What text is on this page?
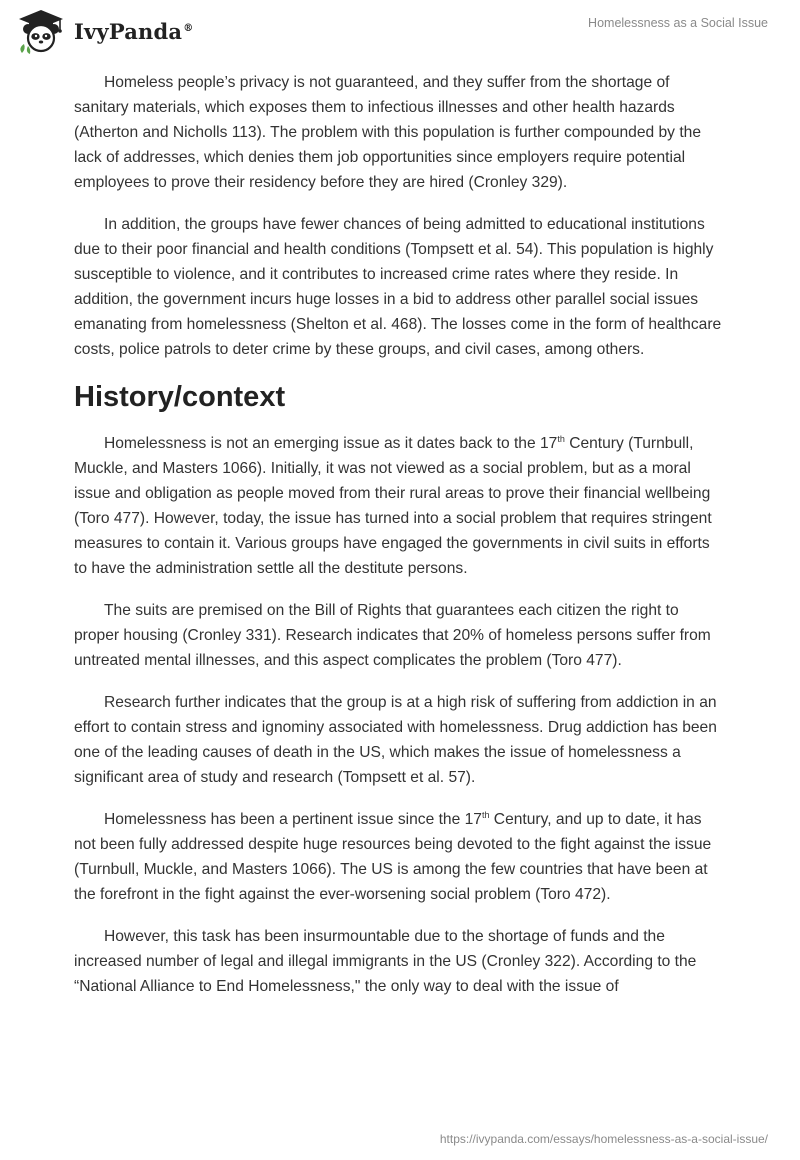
IvyPanda®	Homelessness as a Social Issue

Homeless people’s privacy is not guaranteed, and they suffer from the shortage of sanitary materials, which exposes them to infectious illnesses and other health hazards (Atherton and Nicholls 113). The problem with this population is further compounded by the lack of addresses, which denies them job opportunities since employers require potential employees to prove their residency before they are hired (Cronley 329).

In addition, the groups have fewer chances of being admitted to educational institutions due to their poor financial and health conditions (Tompsett et al. 54). This population is highly susceptible to violence, and it contributes to increased crime rates where they reside. In addition, the government incurs huge losses in a bid to address other parallel social issues emanating from homelessness (Shelton et al. 468). The losses come in the form of healthcare costs, police patrols to deter crime by these groups, and civil cases, among others.

History/context

Homelessness is not an emerging issue as it dates back to the 17th Century (Turnbull, Muckle, and Masters 1066). Initially, it was not viewed as a social problem, but as a moral issue and obligation as people moved from their rural areas to prove their financial wellbeing (Toro 477). However, today, the issue has turned into a social problem that requires stringent measures to contain it. Various groups have engaged the governments in civil suits in efforts to have the administration settle all the destitute persons.

The suits are premised on the Bill of Rights that guarantees each citizen the right to proper housing (Cronley 331). Research indicates that 20% of homeless persons suffer from untreated mental illnesses, and this aspect complicates the problem (Toro 477).

Research further indicates that the group is at a high risk of suffering from addiction in an effort to contain stress and ignominy associated with homelessness. Drug addiction has been one of the leading causes of death in the US, which makes the issue of homelessness a significant area of study and research (Tompsett et al. 57).

Homelessness has been a pertinent issue since the 17th Century, and up to date, it has not been fully addressed despite huge resources being devoted to the fight against the issue (Turnbull, Muckle, and Masters 1066). The US is among the few countries that have been at the forefront in the fight against the ever-worsening social problem (Toro 472).

However, this task has been insurmountable due to the shortage of funds and the increased number of legal and illegal immigrants in the US (Cronley 322). According to the “National Alliance to End Homelessness," the only way to deal with the issue of

https://ivypanda.com/essays/homelessness-as-a-social-issue/
